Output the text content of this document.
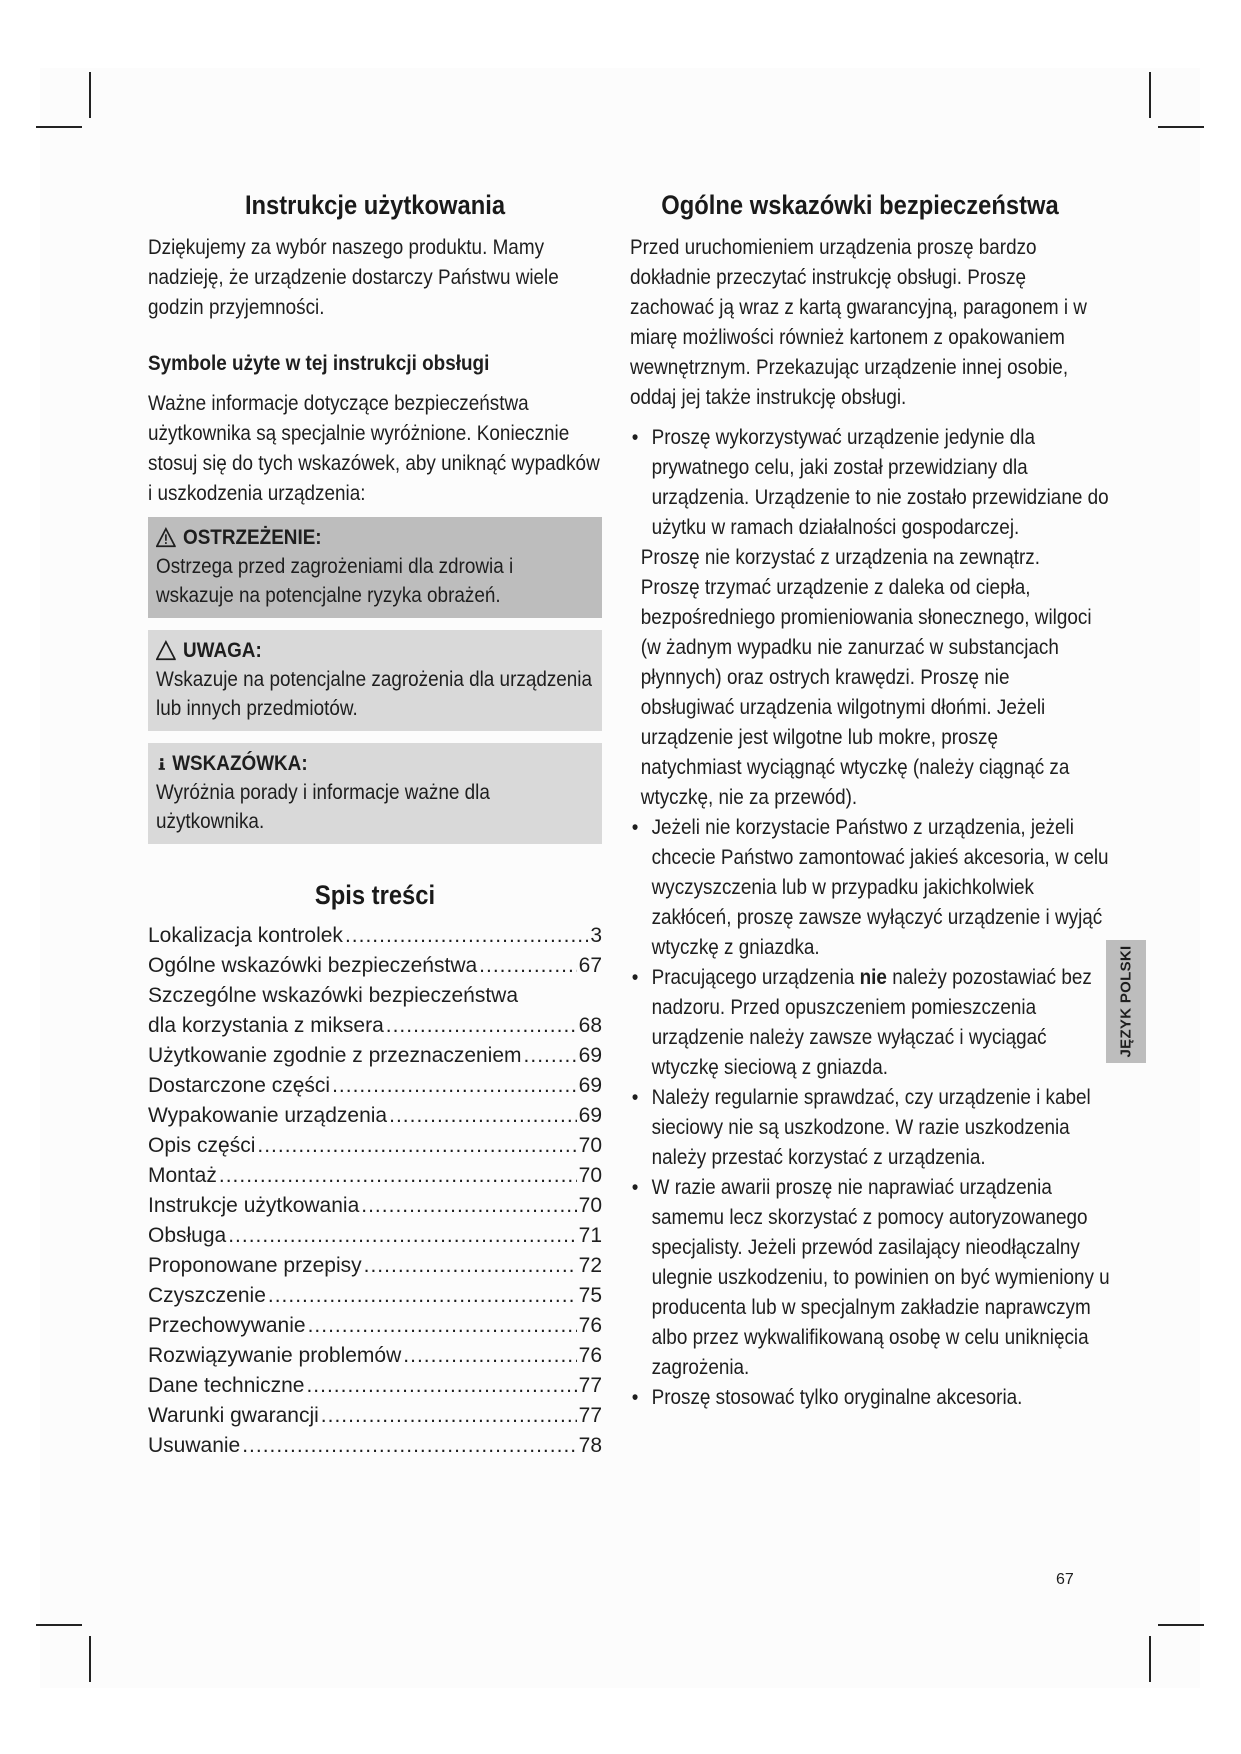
Instrukcje użytkowania

Dziękujemy za wybór naszego produktu. Mamy nadzieję, że urządzenie dostarczy Państwu wiele godzin przyjemności.

Symbole użyte w tej instrukcji obsługi

Ważne informacje dotyczące bezpieczeństwa użytkownika są specjalnie wyróżnione. Koniecznie stosuj się do tych wskazówek, aby uniknąć wypadków i uszkodzenia urządzenia:

OSTRZEŻENIE:
Ostrzega przed zagrożeniami dla zdrowia i wskazuje na potencjalne ryzyka obrażeń.
UWAGA:
Wskazuje na potencjalne zagrożenia dla urządzenia lub innych przedmiotów.
WSKAZÓWKA:
Wyróżnia porady i informacje ważne dla użytkownika.
Spis treści
Lokalizacja kontrolek .....	3
Ogólne wskazówki bezpieczeństwa .....	67
Szczególne wskazówki bezpieczeństwa
dla korzystania z miksera .....	68
Użytkowanie zgodnie z przeznaczeniem .....	69
Dostarczone części .....	69
Wypakowanie urządzenia .....	69
Opis części .....	70
Montaż .....	70
Instrukcje użytkowania .....	70
Obsługa .....	71
Proponowane przepisy .....	72
Czyszczenie .....	75
Przechowywanie .....	76
Rozwiązywanie problemów .....	76
Dane techniczne .....	77
Warunki gwarancji .....	77
Usuwanie .....	78
Ogólne wskazówki bezpieczeństwa

Przed uruchomieniem urządzenia proszę bardzo dokładnie przeczytać instrukcję obsługi. Proszę zachować ją wraz z kartą gwarancyjną, paragonem i w miarę możliwości również kartonem z opakowaniem wewnętrznym. Przekazując urządzenie innej osobie, oddaj jej także instrukcję obsługi.

• Proszę wykorzystywać urządzenie jedynie dla prywatnego celu, jaki został przewidziany dla urządzenia. Urządzenie to nie zostało przewidziane do użytku w ramach działalności gospodarczej.
Proszę nie korzystać z urządzenia na zewnątrz. Proszę trzymać urządzenie z daleka od ciepła, bezpośredniego promieniowania słonecznego, wilgoci (w żadnym wypadku nie zanurzać w substancjach płynnych) oraz ostrych krawędzi. Proszę nie obsługiwać urządzenia wilgotnymi dłońmi. Jeżeli urządzenie jest wilgotne lub mokre, proszę natychmiast wyciągnąć wtyczkę (należy ciągnąć za wtyczkę, nie za przewód).
• Jeżeli nie korzystacie Państwo z urządzenia, jeżeli chcecie Państwo zamontować jakieś akcesoria, w celu wyczyszczenia lub w przypadku jakichkolwiek zakłóceń, proszę zawsze wyłączyć urządzenie i wyjąć wtyczkę z gniazdka.
• Pracującego urządzenia nie należy pozostawiać bez nadzoru. Przed opuszczeniem pomieszczenia urządzenie należy zawsze wyłączać i wyciągać wtyczkę sieciową z gniazda.
• Należy regularnie sprawdzać, czy urządzenie i kabel sieciowy nie są uszkodzone. W razie uszkodzenia należy przestać korzystać z urządzenia.
• W razie awarii proszę nie naprawiać urządzenia samemu lecz skorzystać z pomocy autoryzowanego specjalisty. Jeżeli przewód zasilający nieodłączalny ulegnie uszkodzeniu, to powinien on być wymieniony u producenta lub w specjalnym zakładzie naprawczym albo przez wykwalifikowaną osobę w celu uniknięcia zagrożenia.
• Proszę stosować tylko oryginalne akcesoria.
JĘZYK POLSKI
67
